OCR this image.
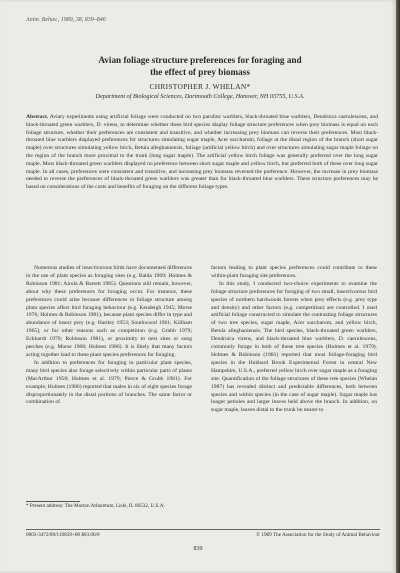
Anim. Behav., 1989, 38, 839–846
Avian foliage structure preferences for foraging and
the effect of prey biomass
CHRISTOPHER J. WHELAN*
Department of Biological Sciences, Dartmouth College, Hanover, NH 03755, U.S.A.

Abstract. Aviary experiments using artificial foliage were conducted on two parulinc warblers, black-throated blue warblers, Dendroica caerulescens, and black-throated green warblers, D. virens, to determine whether these bird species display foliage structure preferences when prey biomass is equal on each foliage structure, whether their preferences are consistent and transitive, and whether increasing prey biomass can reverse their preferences. Most black-throated blue warblers displayed preferences for structures simulating sugar maple, Acer saccharum, foliage at the distal region of the branch (short sugar maple) over structures simulating yellow birch, Betula alleghaniensis, foliage (artificial yellow birch) and over structures simulating sugar maple foliage on the region of the branch more proximal to the trunk (long sugar maple). The artificial yellow birch foliage was generally preferred over the long sugar maple. Most black-throated green warblers displayed no preference between short sugar maple and yellow birch, but preferred both of these over long sugar maple. In all cases, preferences were consistent and transitive, and increasing prey biomass reversed the preference. However, the increase in prey biomass needed to reverse the preferences of black-throated green warblers was greater than for black-throated blue warblers. These structure preferences may be based on considerations of the costs and benefits of foraging on the different foliage types.

Numerous studies of insectivorous birds have documented differences in the use of plant species as foraging sites (e.g. Balda 1969; Holmes & Robinson 1981; Airola & Barrett 1985). Questions still remain, however, about why these preferences for foraging occur. For instance, these preferences could arise because differences in foliage structure among plant species affect bird foraging behaviour (e.g. Kendeigh 1945; Morse 1976; Holmes & Robinson 1981), because plant species differ in type and abundance of insect prey (e.g. Hartley 1953; Southwood 1961; Killham 1965), or for other reasons such as competition (e.g. Grubb 1979; Eckhardt 1979; Robinson 1981), or proximity to nest sites or song perches (e.g. Morse 1968; Holmes 1986). It is likely that many factors acting together lead to these plant species preferences for foraging.

In addition to preferences for foraging in particular plant species, many bird species also forage selectively within particular parts of plants (MacArthur 1958; Holmes et al. 1979; Pierce & Grubb 1981). For example, Holmes (1986) reported that males in six of eight species forage disproportionately in the distal portions of branches. The same factor or combination of

factors leading to plant species preferences could contribute to these within-plant foraging site preferences.

In this study, I conducted two-choice experiments to examine the foliage structure preferences for foraging of two small, insectivorous bird species of northern hardwoods forests when prey effects (e.g. prey type and density) and other factors (e.g. competition) are controlled. I used artificial foliage constructed to simulate the contrasting foliage structures of two tree species, sugar maple, Acer saccharum, and yellow birch, Betula alleghaniensis. The bird species, black-throated green warblers, Dendroica virens, and black-throated blue warblers, D. caerulescens, commonly forage in both of these tree species (Holmes et al. 1979). Holmes & Robinson (1981) reported that most foliage-foraging bird species in the Hubbard Brook Experimental Forest in central New Hampshire, U.S.A., preferred yellow birch over sugar maple as a foraging site. Quantification of the foliage structures of these tree species (Whelan 1987) has revealed distinct and predictable differences, both between species and within species (in the case of sugar maple). Sugar maple has longer petioles and larger leaves held above the branch. In addition, on sugar maple, leaves distal to the trunk be nearer to

* Present address: The Morton Arboretum, Lisle, IL 60532, U.S.A.
0003-3472/89/110839+08 $03.00/0	© 1989 The Association for the Study of Animal Behaviour
839
